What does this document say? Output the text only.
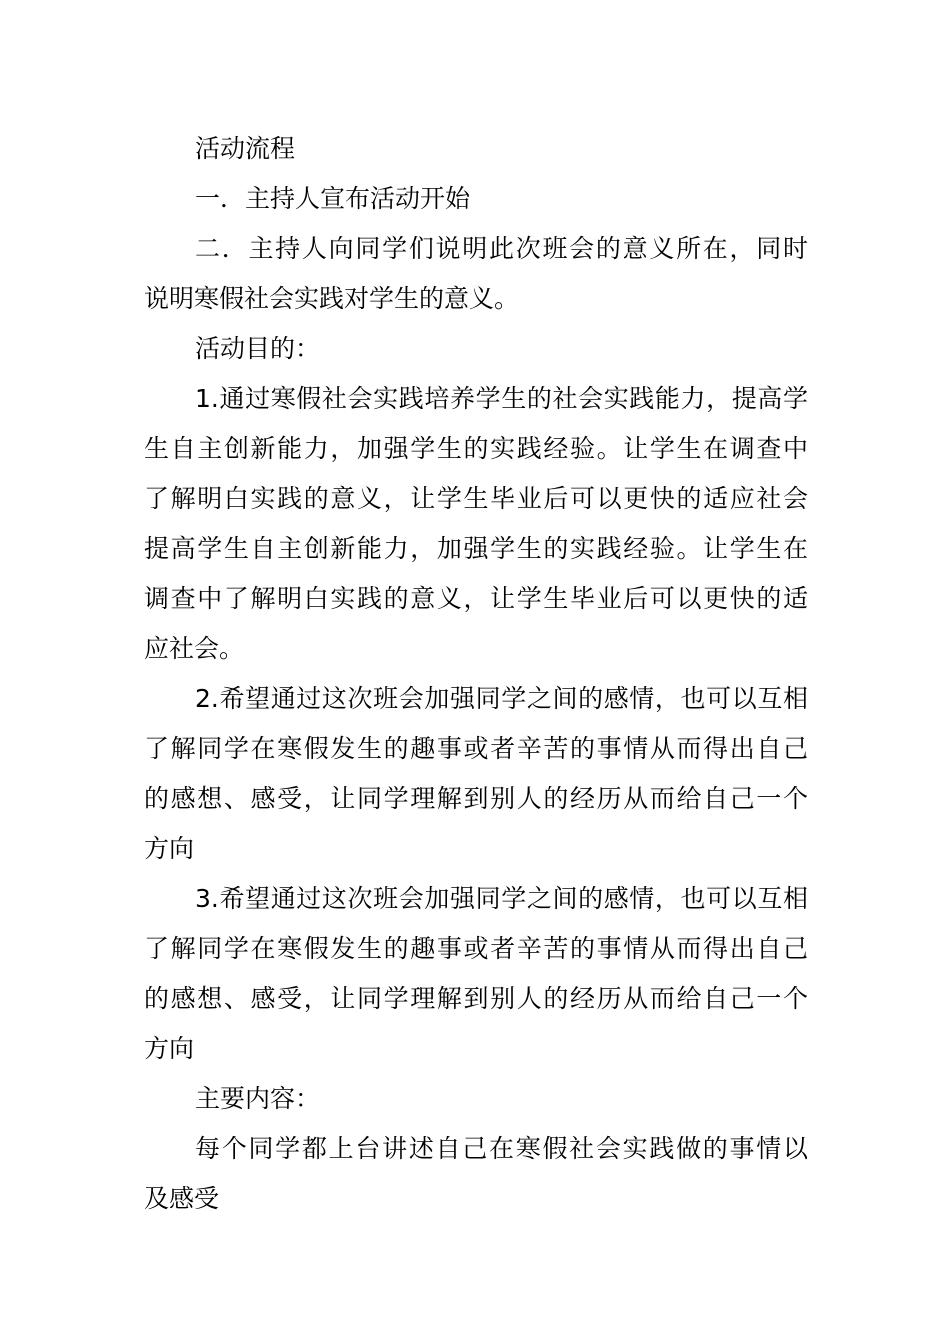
活动流程

一．主持人宣布活动开始

二．主持人向同学们说明此次班会的意义所在，同时
说明寒假社会实践对学生的意义。

活动目的：

1.通过寒假社会实践培养学生的社会实践能力，提高学
生自主创新能力，加强学生的实践经验。让学生在调查中
了解明白实践的意义，让学生毕业后可以更快的适应社会
提高学生自主创新能力，加强学生的实践经验。让学生在
调查中了解明白实践的意义，让学生毕业后可以更快的适
应社会。

2.希望通过这次班会加强同学之间的感情，也可以互相
了解同学在寒假发生的趣事或者辛苦的事情从而得出自己
的感想、感受，让同学理解到别人的经历从而给自己一个
方向

3.希望通过这次班会加强同学之间的感情，也可以互相
了解同学在寒假发生的趣事或者辛苦的事情从而得出自己
的感想、感受，让同学理解到别人的经历从而给自己一个
方向

主要内容：

每个同学都上台讲述自己在寒假社会实践做的事情以
及感受
